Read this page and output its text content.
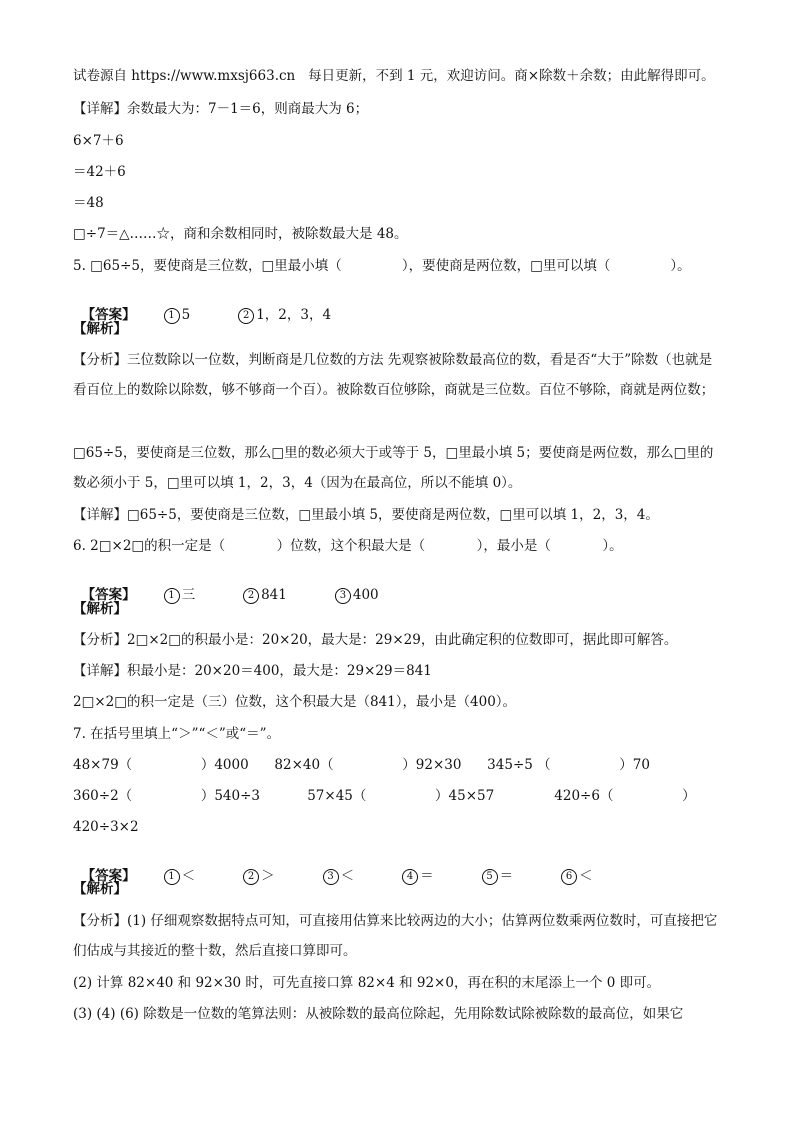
试卷源自 https://www.mxsj663.cn   每日更新，不到 1 元，欢迎访问。商×除数＋余数；由此解得即可。
【详解】余数最大为：7－1＝6，则商最大为 6；
6×7＋6
＝42＋6
＝48
□÷7＝△……☆，商和余数相同时，被除数最大是 48。
5. □65÷5，要使商是三位数，□里最小填（              ），要使商是两位数，□里可以填（              ）。

【答案】	1 5	2 1，2，3，4

【解析】
【分析】三位数除以一位数，判断商是几位数的方法 先观察被除数最高位的数，看是否“大于”除数（也就是看百位上的数除以除数，够不够商一个百）。被除数百位够除，商就是三位数。百位不够除，商就是两位数；
□65÷5，要使商是三位数，那么□里的数必须大于或等于 5，□里最小填 5；要使商是两位数，那么□里的数必须小于 5，□里可以填 1，2，3，4（因为在最高位，所以不能填 0）。
【详解】□65÷5，要使商是三位数，□里最小填 5，要使商是两位数，□里可以填 1，2，3，4。
6. 2□×2□的积一定是（            ）位数，这个积最大是（            ），最小是（            ）。

【答案】	1 三	2 841	3 400

【解析】
【分析】2□×2□的积最小是：20×20，最大是：29×29，由此确定积的位数即可，据此即可解答。
【详解】积最小是：20×20＝400，最大是：29×29＝841
2□×2□的积一定是（三）位数，这个积最大是（841），最小是（400）。
7. 在括号里填上“＞”“＜”或“＝”。
48×79（                ）4000      82×40（                ）92×30      345÷5 （                ）70
360÷2（                ）540÷3           57×45（                ）45×57              420÷6（                ）
420÷3×2

【答案】	1 ＜	2 ＞	3 ＜	4 ＝	5 ＝	6 ＜

【解析】
【分析】(1) 仔细观察数据特点可知，可直接用估算来比较两边的大小；估算两位数乘两位数时，可直接把它们估成与其接近的整十数，然后直接口算即可。
(2) 计算 82×40 和 92×30 时，可先直接口算 82×4 和 92×0，再在积的末尾添上一个 0 即可。
(3) (4) (6) 除数是一位数的笔算法则：从被除数的最高位除起，先用除数试除被除数的最高位，如果它
